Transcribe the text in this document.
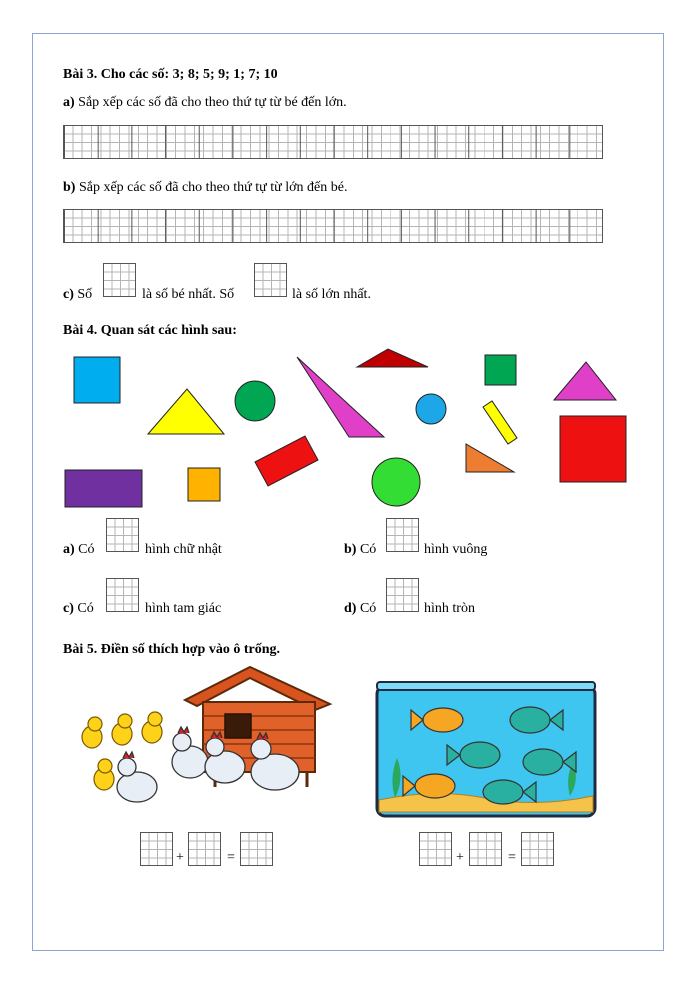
Bài 3. Cho các số: 3; 8; 5; 9; 1; 7; 10
a) Sắp xếp các số đã cho theo thứ tự từ bé đến lớn.
b) Sắp xếp các số đã cho theo thứ tự từ lớn đến bé.
c) Số	là số bé nhất. Số	là số lớn nhất.
Bài 4. Quan sát các hình sau:
a) Có	hình chữ nhật	b) Có	hình vuông
c) Có	hình tam giác	d) Có	hình tròn
Bài 5. Điền số thích hợp vào ô trống.
+	=	+	=
